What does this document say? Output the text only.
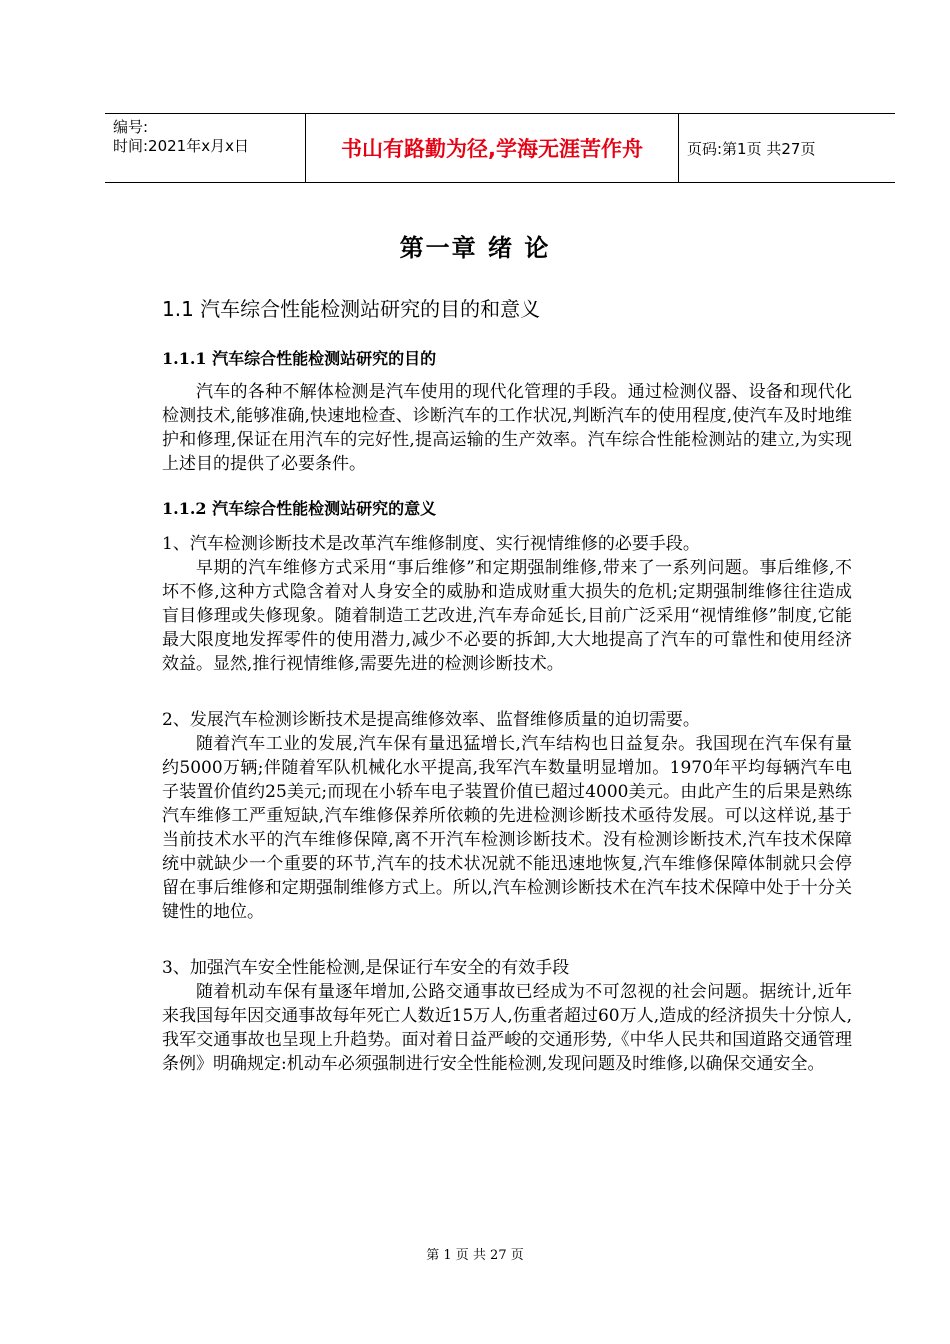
编号:
时间:2021年x月x日	书山有路勤为径,学海无涯苦作舟	页码:第1页 共27页
第一章 绪 论
1.1 汽车综合性能检测站研究的目的和意义
1.1.1 汽车综合性能检测站研究的目的
汽车的各种不解体检测是汽车使用的现代化管理的手段。通过检测仪器、设备和现代化检测技术,能够准确,快速地检查、诊断汽车的工作状况,判断汽车的使用程度,使汽车及时地维护和修理,保证在用汽车的完好性,提高运输的生产效率。汽车综合性能检测站的建立,为实现上述目的提供了必要条件。
1.1.2 汽车综合性能检测站研究的意义
1、汽车检测诊断技术是改革汽车维修制度、实行视情维修的必要手段。
早期的汽车维修方式采用“事后维修”和定期强制维修,带来了一系列问题。事后维修,不坏不修,这种方式隐含着对人身安全的威胁和造成财重大损失的危机;定期强制维修往往造成盲目修理或失修现象。随着制造工艺改进,汽车寿命延长,目前广泛采用“视情维修”制度,它能最大限度地发挥零件的使用潜力,减少不必要的拆卸,大大地提高了汽车的可靠性和使用经济效益。显然,推行视情维修,需要先进的检测诊断技术。
2、发展汽车检测诊断技术是提高维修效率、监督维修质量的迫切需要。
随着汽车工业的发展,汽车保有量迅猛增长,汽车结构也日益复杂。我国现在汽车保有量约5000万辆;伴随着军队机械化水平提高,我军汽车数量明显增加。1970年平均每辆汽车电子装置价值约25美元;而现在小轿车电子装置价值已超过4000美元。由此产生的后果是熟练汽车维修工严重短缺,汽车维修保养所依赖的先进检测诊断技术亟待发展。可以这样说,基于当前技术水平的汽车维修保障,离不开汽车检测诊断技术。没有检测诊断技术,汽车技术保障统中就缺少一个重要的环节,汽车的技术状况就不能迅速地恢复,汽车维修保障体制就只会停留在事后维修和定期强制维修方式上。所以,汽车检测诊断技术在汽车技术保障中处于十分关键性的地位。
3、加强汽车安全性能检测,是保证行车安全的有效手段
随着机动车保有量逐年增加,公路交通事故已经成为不可忽视的社会问题。据统计,近年来我国每年因交通事故每年死亡人数近15万人,伤重者超过60万人,造成的经济损失十分惊人,我军交通事故也呈现上升趋势。面对着日益严峻的交通形势,《中华人民共和国道路交通管理条例》明确规定:机动车必须强制进行安全性能检测,发现问题及时维修,以确保交通安全。
第 1 页 共 27 页
